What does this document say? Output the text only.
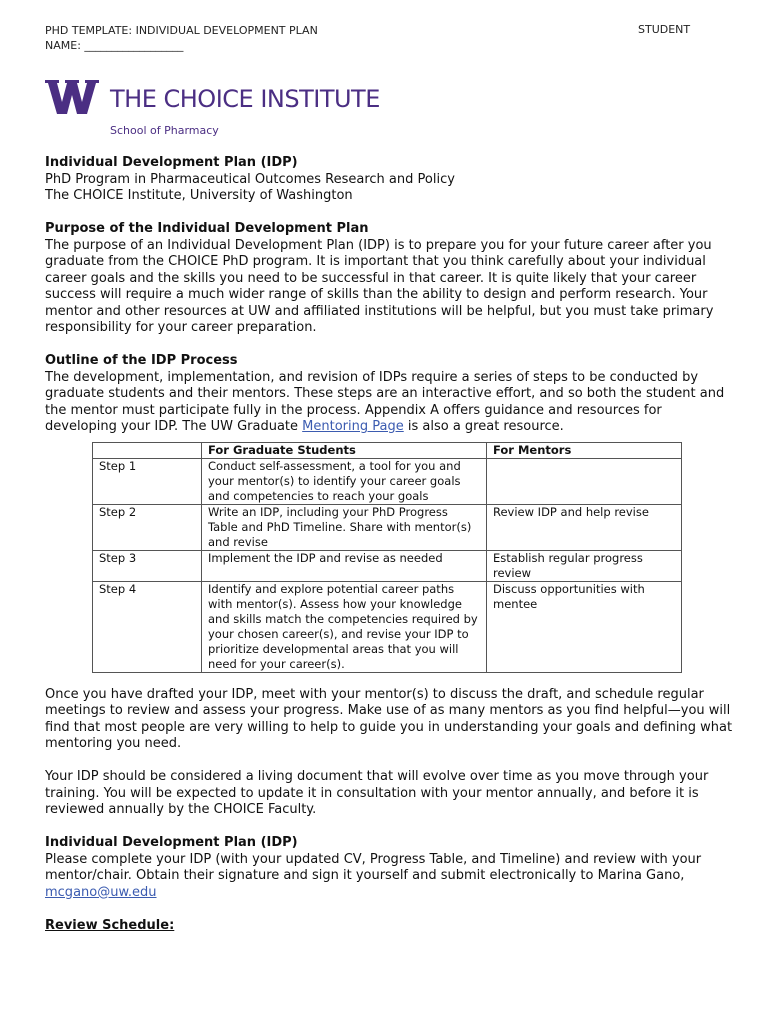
PHD TEMPLATE: INDIVIDUAL DEVELOPMENT PLAN
NAME: __________________
STUDENT
THE CHOICE INSTITUTE
School of Pharmacy

Individual Development Plan (IDP)

PhD Program in Pharmaceutical Outcomes Research and Policy

The CHOICE Institute, University of Washington

Purpose of the Individual Development Plan

The purpose of an Individual Development Plan (IDP) is to prepare you for your future career after you graduate from the CHOICE PhD program. It is important that you think carefully about your individual career goals and the skills you need to be successful in that career. It is quite likely that your career success will require a much wider range of skills than the ability to design and perform research. Your mentor and other resources at UW and affiliated institutions will be helpful, but you must take primary responsibility for your career preparation.

Outline of the IDP Process

The development, implementation, and revision of IDPs require a series of steps to be conducted by graduate students and their mentors. These steps are an interactive effort, and so both the student and the mentor must participate fully in the process. Appendix A offers guidance and resources for developing your IDP. The UW Graduate Mentoring Page is also a great resource.

	For Graduate Students	For Mentors
Step 1	Conduct self-assessment, a tool for you and your mentor(s) to identify your career goals and competencies to reach your goals	
Step 2	Write an IDP, including your PhD Progress Table and PhD Timeline. Share with mentor(s) and revise	Review IDP and help revise
Step 3	Implement the IDP and revise as needed	Establish regular progress review
Step 4	Identify and explore potential career paths with mentor(s). Assess how your knowledge and skills match the competencies required by your chosen career(s), and revise your IDP to prioritize developmental areas that you will need for your career(s).	Discuss opportunities with mentee

Once you have drafted your IDP, meet with your mentor(s) to discuss the draft, and schedule regular meetings to review and assess your progress. Make use of as many mentors as you find helpful—you will find that most people are very willing to help to guide you in understanding your goals and defining what mentoring you need.

Your IDP should be considered a living document that will evolve over time as you move through your training. You will be expected to update it in consultation with your mentor annually, and before it is reviewed annually by the CHOICE Faculty.

Individual Development Plan (IDP)

Please complete your IDP (with your updated CV, Progress Table, and Timeline) and review with your mentor/chair. Obtain their signature and sign it yourself and submit electronically to Marina Gano, mcgano@uw.edu

Review Schedule:
